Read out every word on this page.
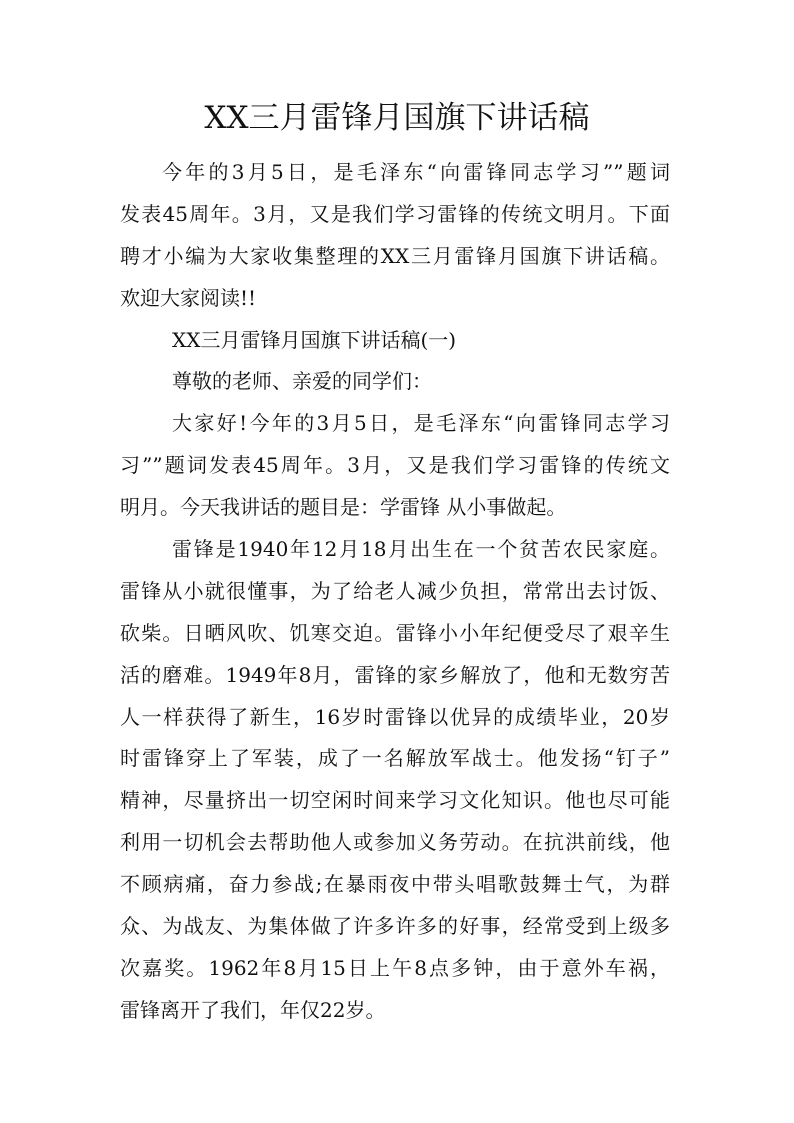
XX三月雷锋月国旗下讲话稿
今年的3月5日，是毛泽东“向雷锋同志学习””题词
发表45周年。3月，又是我们学习雷锋的传统文明月。下面
聘才小编为大家收集整理的XX三月雷锋月国旗下讲话稿。
欢迎大家阅读!!
XX三月雷锋月国旗下讲话稿(一)
尊敬的老师、亲爱的同学们：
大家好!今年的3月5日，是毛泽东“向雷锋同志学习
习””题词发表45周年。3月，又是我们学习雷锋的传统文
明月。今天我讲话的题目是：学雷锋 从小事做起。
雷锋是1940年12月18月出生在一个贫苦农民家庭。
雷锋从小就很懂事，为了给老人减少负担，常常出去讨饭、
砍柴。日晒风吹、饥寒交迫。雷锋小小年纪便受尽了艰辛生
活的磨难。1949年8月，雷锋的家乡解放了，他和无数穷苦
人一样获得了新生，16岁时雷锋以优异的成绩毕业，20岁
时雷锋穿上了军装，成了一名解放军战士。他发扬“钉子”
精神，尽量挤出一切空闲时间来学习文化知识。他也尽可能
利用一切机会去帮助他人或参加义务劳动。在抗洪前线，他
不顾病痛，奋力参战;在暴雨夜中带头唱歌鼓舞士气，为群
众、为战友、为集体做了许多许多的好事，经常受到上级多
次嘉奖。1962年8月15日上午8点多钟，由于意外车祸，
雷锋离开了我们，年仅22岁。
